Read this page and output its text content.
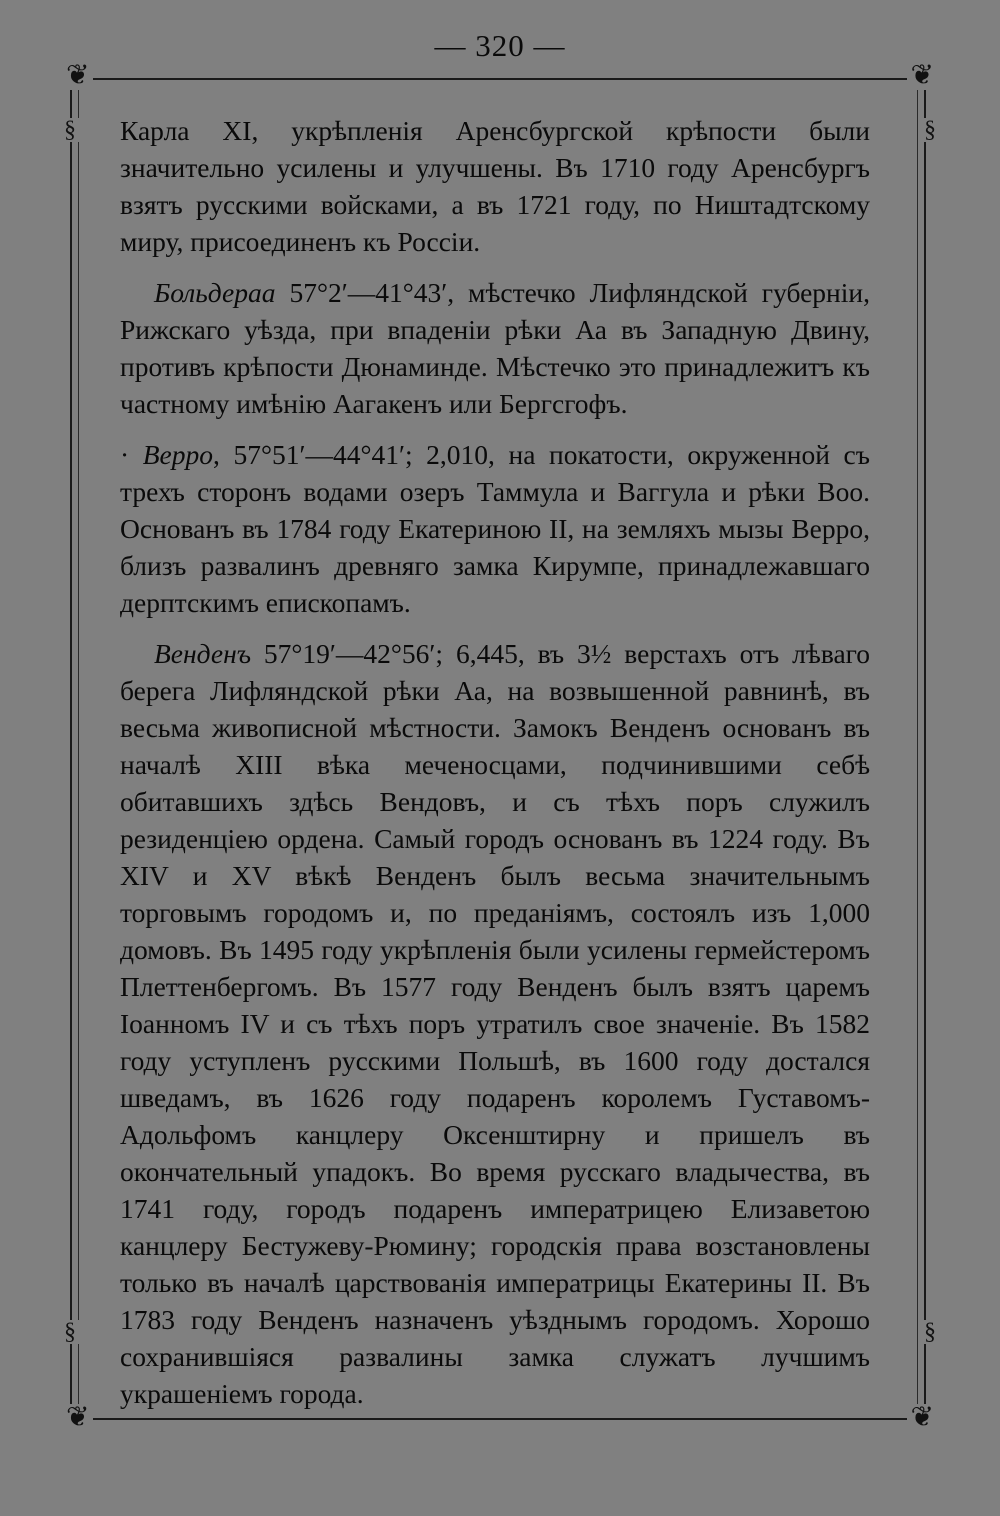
— 320 —
❦	❦
❦	❦
§	§
§	§

Карла XI, укрѣпленія Аренсбургской крѣпости были значительно усилены и улучшены. Въ 1710 году Аренсбургъ взятъ русскими войсками, а въ 1721 году, по Ништадтскому миру, присоединенъ къ Россіи.

Больдераа 57°2′—41°43′, мѣстечко Лифляндской губерніи, Рижскаго уѣзда, при впаденіи рѣки Аа въ Западную Двину, противъ крѣпости Дюнаминде. Мѣстечко это принадлежитъ къ частному имѣнію Аагакенъ или Бергсгофъ.

· Верро, 57°51′—44°41′; 2,010, на покатости, окруженной съ трехъ сторонъ водами озеръ Таммула и Ваггула и рѣки Воо. Основанъ въ 1784 году Екатериною II, на земляхъ мызы Верро, близъ развалинъ древняго замка Кирумпе, принадлежавшаго дерптскимъ епископамъ.

Венденъ 57°19′—42°56′; 6,445, въ 3½ верстахъ отъ лѣваго берега Лифляндской рѣки Аа, на возвышенной равнинѣ, въ весьма живописной мѣстности. Замокъ Венденъ основанъ въ началѣ XIII вѣка меченосцами, подчинившими себѣ обитавшихъ здѣсь Вендовъ, и съ тѣхъ поръ служилъ резиденціею ордена. Самый городъ основанъ въ 1224 году. Въ XIV и XV вѣкѣ Венденъ былъ весьма значительнымъ торговымъ городомъ и, по преданіямъ, состоялъ изъ 1,000 домовъ. Въ 1495 году укрѣпленія были усилены гермейстеромъ Плеттенбергомъ. Въ 1577 году Венденъ былъ взятъ царемъ Іоанномъ IV и съ тѣхъ поръ утратилъ свое значеніе. Въ 1582 году уступленъ русскими Польшѣ, въ 1600 году достался шведамъ, въ 1626 году подаренъ королемъ Густавомъ-Адольфомъ канцлеру Оксенштирну и пришелъ въ окончательный упадокъ. Во время русскаго владычества, въ 1741 году, городъ подаренъ императрицею Елизаветою канцлеру Бестужеву-Рюмину; городскія права возстановлены только въ началѣ царствованія императрицы Екатерины II. Въ 1783 году Венденъ назначенъ уѣзднымъ городомъ. Хорошо сохранившіяся развалины замка служатъ лучшимъ украшеніемъ города.
